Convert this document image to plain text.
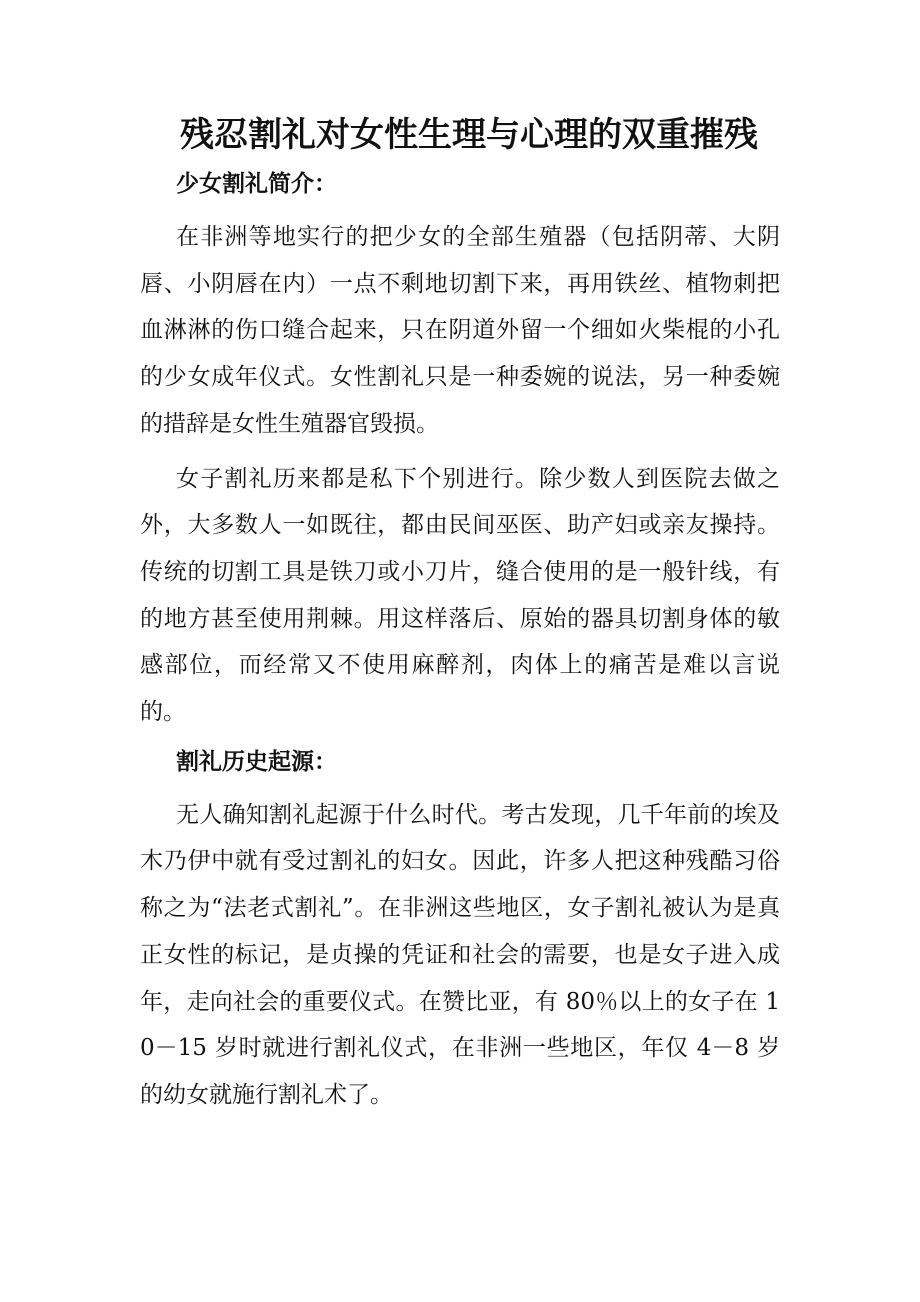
残忍割礼对女性生理与心理的双重摧残
少女割礼简介：

在非洲等地实行的把少女的全部生殖器（包括阴蒂、大阴唇、小阴唇在内）一点不剩地切割下来，再用铁丝、植物刺把血淋淋的伤口缝合起来，只在阴道外留一个细如火柴棍的小孔的少女成年仪式。女性割礼只是一种委婉的说法，另一种委婉的措辞是女性生殖器官毁损。

女子割礼历来都是私下个别进行。除少数人到医院去做之外，大多数人一如既往，都由民间巫医、助产妇或亲友操持。传统的切割工具是铁刀或小刀片，缝合使用的是一般针线，有的地方甚至使用荆棘。用这样落后、原始的器具切割身体的敏感部位，而经常又不使用麻醉剂，肉体上的痛苦是难以言说的。

割礼历史起源：

无人确知割礼起源于什么时代。考古发现，几千年前的埃及木乃伊中就有受过割礼的妇女。因此，许多人把这种残酷习俗称之为“法老式割礼”。在非洲这些地区，女子割礼被认为是真正女性的标记，是贞操的凭证和社会的需要，也是女子进入成年，走向社会的重要仪式。在赞比亚，有 80％以上的女子在 10－15 岁时就进行割礼仪式，在非洲一些地区，年仅 4－8 岁的幼女就施行割礼术了。
